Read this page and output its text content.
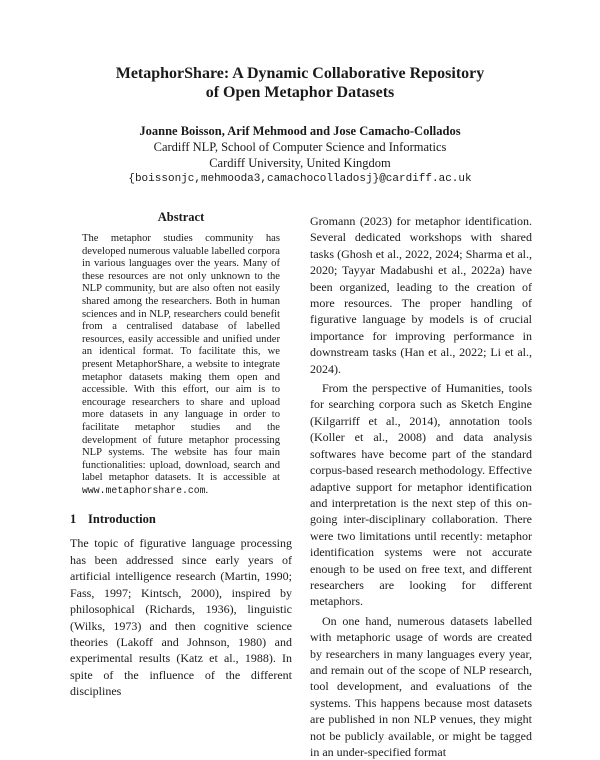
MetaphorShare: A Dynamic Collaborative Repository
of Open Metaphor Datasets
Joanne Boisson, Arif Mehmood and Jose Camacho-Collados
Cardiff NLP, School of Computer Science and Informatics
Cardiff University, United Kingdom
{boissonjc,mehmooda3,camachocolladosj}@cardiff.ac.uk
Abstract

The metaphor studies community has developed numerous valuable labelled corpora in various languages over the years. Many of these resources are not only unknown to the NLP community, but are also often not easily shared among the researchers. Both in human sciences and in NLP, researchers could benefit from a centralised database of labelled resources, easily accessible and unified under an identical format. To facilitate this, we present MetaphorShare, a website to integrate metaphor datasets making them open and accessible. With this effort, our aim is to encourage researchers to share and upload more datasets in any language in order to facilitate metaphor studies and the development of future metaphor processing NLP systems. The website has four main functionalities: upload, download, search and label metaphor datasets. It is accessible at www.metaphorshare.com.

1 Introduction

The topic of figurative language processing has been addressed since early years of artificial intelligence research (Martin, 1990; Fass, 1997; Kintsch, 2000), inspired by philosophical (Richards, 1936), linguistic (Wilks, 1973) and then cognitive science theories (Lakoff and Johnson, 1980) and experimental results (Katz et al., 1988). In spite of the influence of the different disciplines

Gromann (2023) for metaphor identification. Several dedicated workshops with shared tasks (Ghosh et al., 2022, 2024; Sharma et al., 2020; Tayyar Madabushi et al., 2022a) have been organized, leading to the creation of more resources. The proper handling of figurative language by models is of crucial importance for improving performance in downstream tasks (Han et al., 2022; Li et al., 2024).

From the perspective of Humanities, tools for searching corpora such as Sketch Engine (Kilgarriff et al., 2014), annotation tools (Koller et al., 2008) and data analysis softwares have become part of the standard corpus-based research methodology. Effective adaptive support for metaphor identification and interpretation is the next step of this on-going inter-disciplinary collaboration. There were two limitations until recently: metaphor identification systems were not accurate enough to be used on free text, and different researchers are looking for different metaphors.

On one hand, numerous datasets labelled with metaphoric usage of words are created by researchers in many languages every year, and remain out of the scope of NLP research, tool development, and evaluations of the systems. This happens because most datasets are published in non NLP venues, they might not be publicly available, or might be tagged in an under-specified format
